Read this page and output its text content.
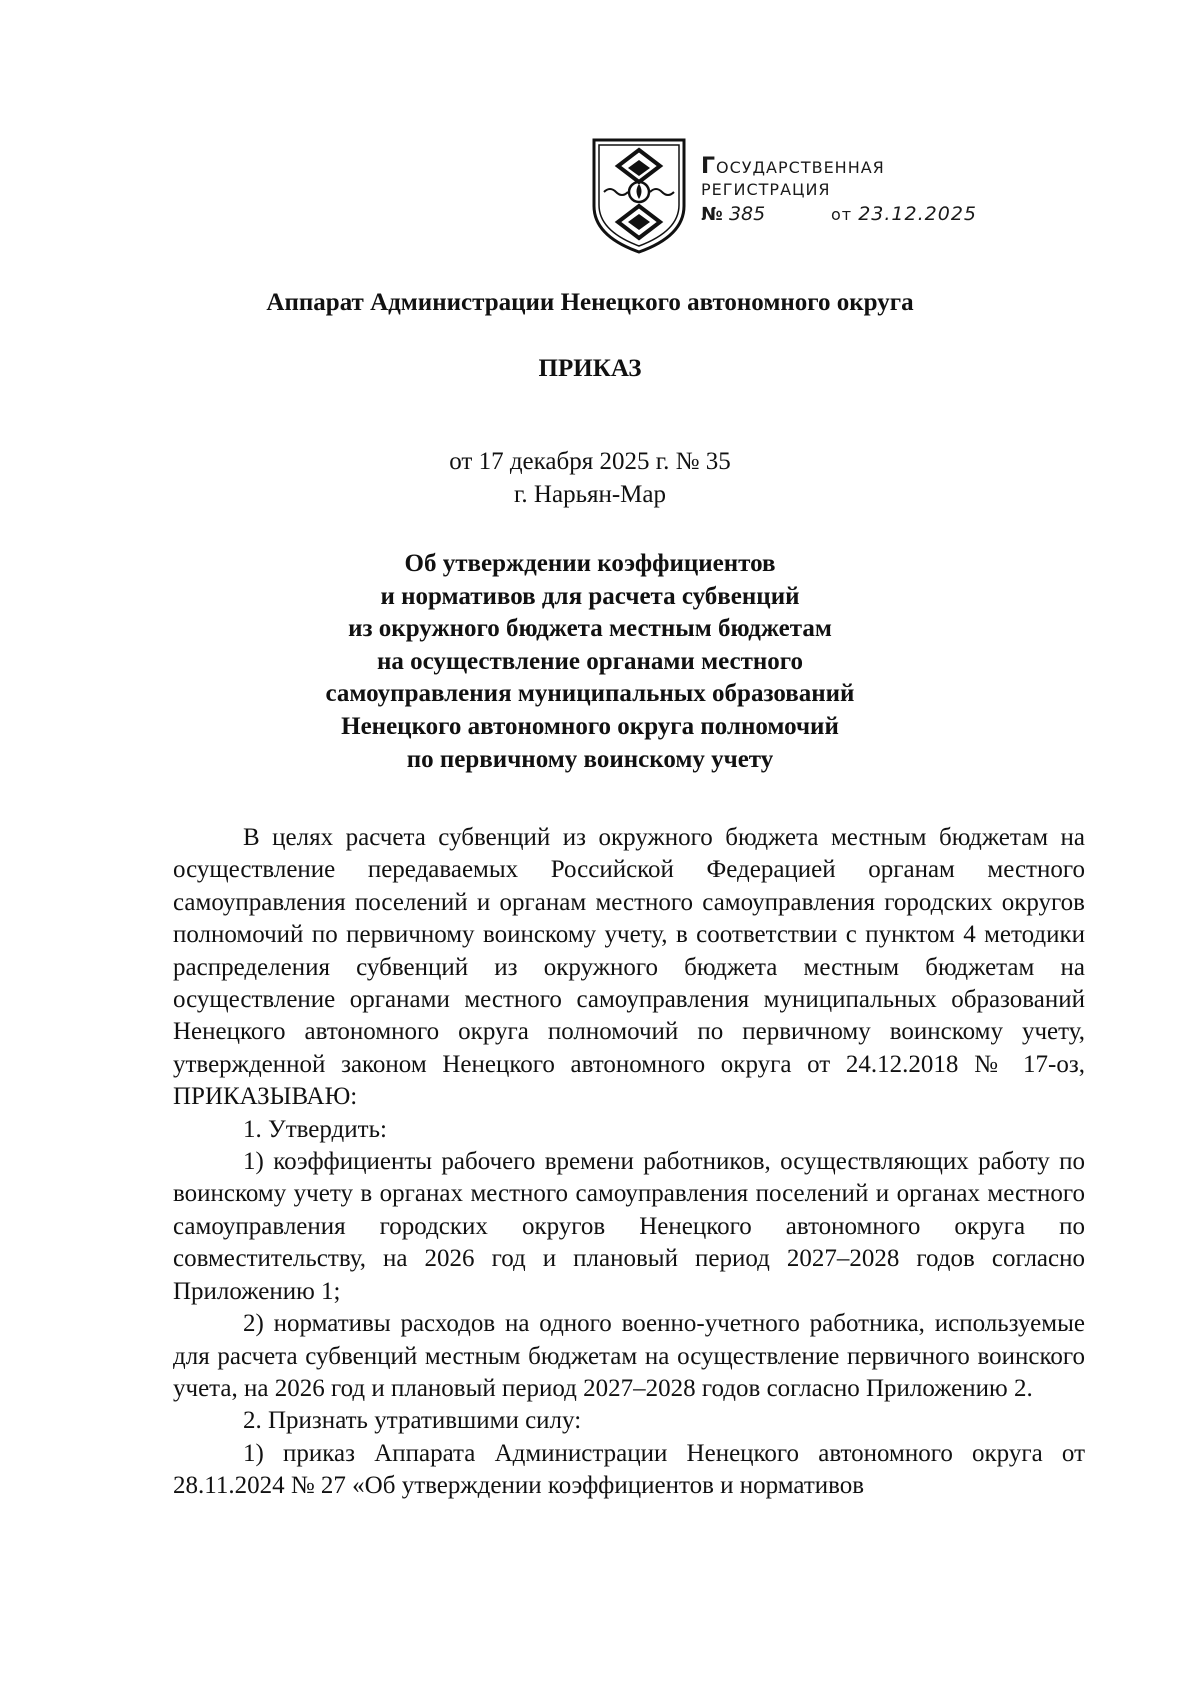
ГОСУДАРСТВЕННАЯ
РЕГИСТРАЦИЯ
№ 385	от 23.12.2025
Аппарат Администрации Ненецкого автономного округа
ПРИКАЗ
от 17 декабря 2025 г. № 35
г. Нарьян-Мар
Об утверждении коэффициентов
и нормативов для расчета субвенций
из окружного бюджета местным бюджетам
на осуществление органами местного
самоуправления муниципальных образований
Ненецкого автономного округа полномочий
по первичному воинскому учету

В целях расчета субвенций из окружного бюджета местным бюджетам на осуществление передаваемых Российской Федерацией органам местного самоуправления поселений и органам местного самоуправления городских округов полномочий по первичному воинскому учету, в соответствии с пунктом 4 методики распределения субвенций из окружного бюджета местным бюджетам на осуществление органами местного самоуправления муниципальных образований Ненецкого автономного округа полномочий по первичному воинскому учету, утвержденной законом Ненецкого автономного округа от 24.12.2018 № 17-оз, ПРИКАЗЫВАЮ:

1. Утвердить:

1) коэффициенты рабочего времени работников, осуществляющих работу по воинскому учету в органах местного самоуправления поселений и органах местного самоуправления городских округов Ненецкого автономного округа по совместительству, на 2026 год и плановый период 2027–2028 годов согласно Приложению 1;

2) нормативы расходов на одного военно-учетного работника, используемые для расчета субвенций местным бюджетам на осуществление первичного воинского учета, на 2026 год и плановый период 2027–2028 годов согласно Приложению 2.

2. Признать утратившими силу:

1) приказ Аппарата Администрации Ненецкого автономного округа от 28.11.2024 № 27 «Об утверждении коэффициентов и нормативов
